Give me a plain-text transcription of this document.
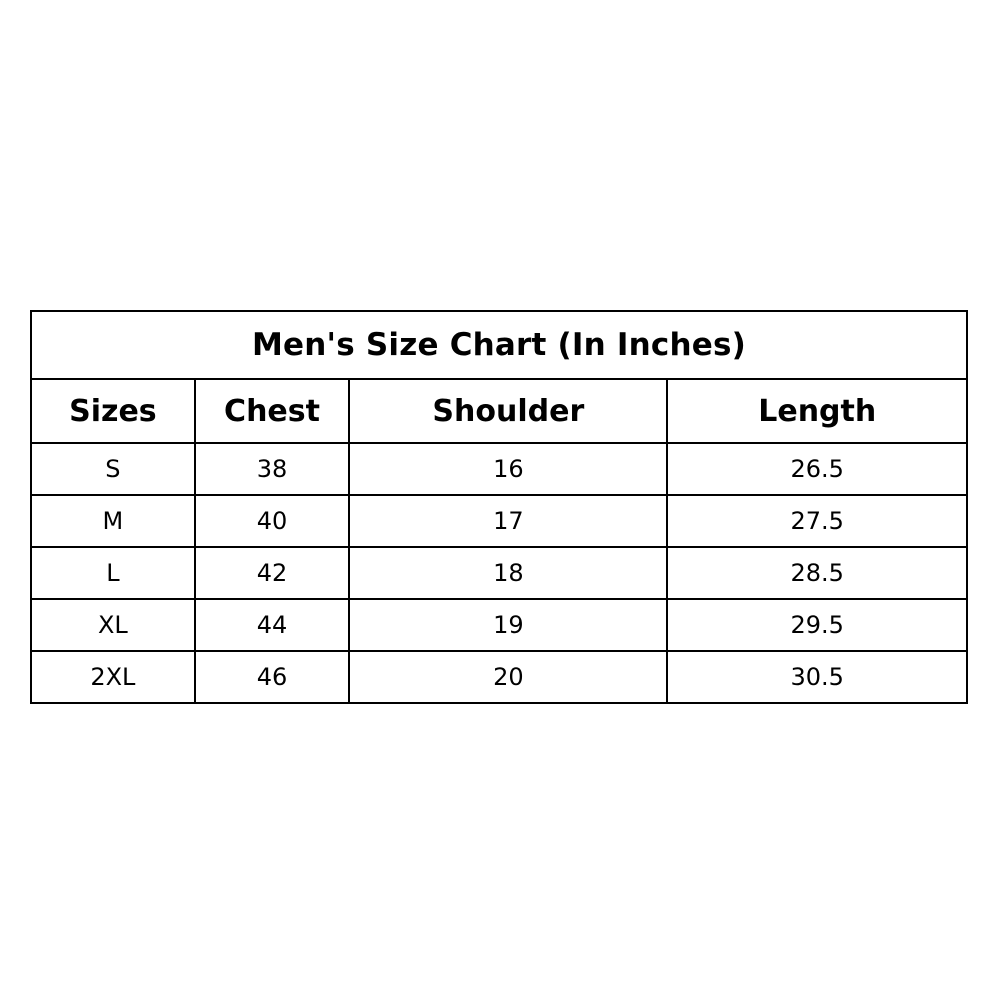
Men's Size Chart (In Inches)			
Sizes	Chest	Shoulder	Length
S	38	16	26.5
M	40	17	27.5
L	42	18	28.5
XL	44	19	29.5
2XL	46	20	30.5
